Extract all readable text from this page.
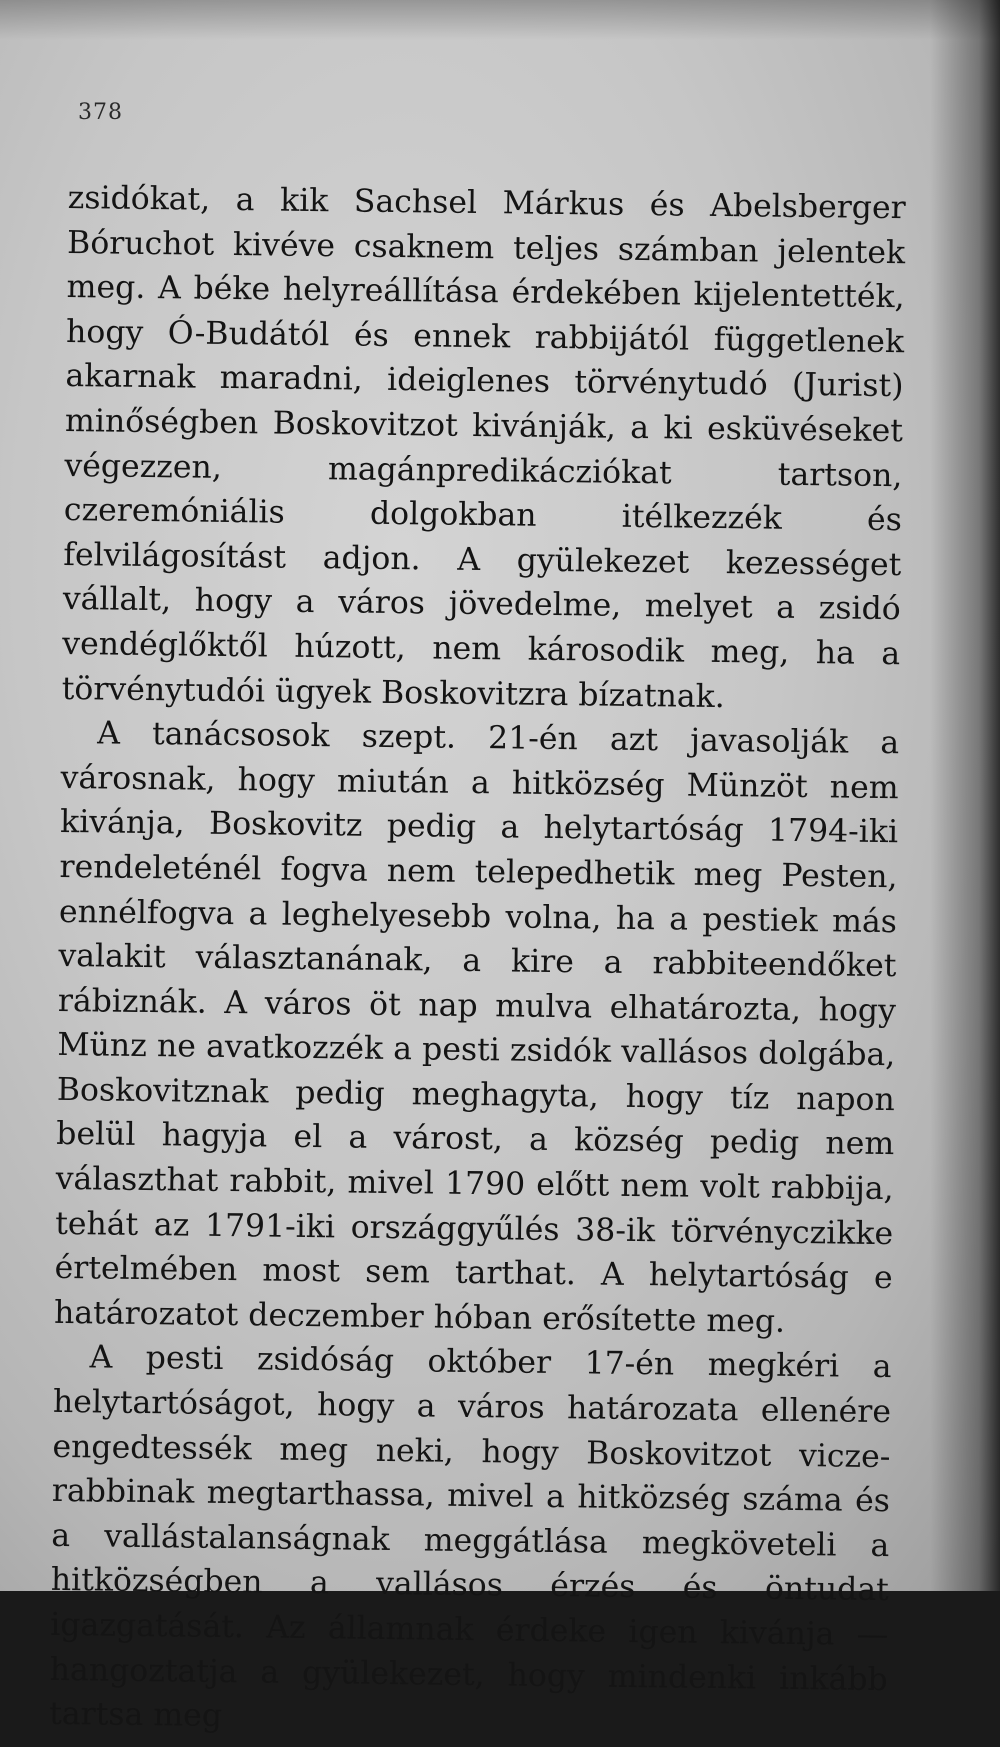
378

zsidókat, a kik Sachsel Márkus és Abelsberger Bóruchot kivéve csaknem teljes számban jelentek meg. A béke helyreállítása érdekében kijelentették, hogy Ó-Budától és ennek rabbijától függetlenek akarnak maradni, ideiglenes törvénytudó (Jurist) minőségben Boskovitzot kivánják, a ki esküvéseket végezzen, magánpredikácziókat tartson, czeremóniális dolgokban itélkezzék és felvilágosítást adjon. A gyülekezet kezességet vállalt, hogy a város jövedelme, melyet a zsidó vendéglőktől húzott, nem károsodik meg, ha a törvénytudói ügyek Boskovitzra bízatnak.

A tanácsosok szept. 21-én azt javasolják a városnak, hogy miután a hitközség Münzöt nem kivánja, Boskovitz pedig a helytartóság 1794-iki rendeleténél fogva nem telepedhetik meg Pesten, ennélfogva a leghelyesebb volna, ha a pestiek más valakit választanának, a kire a rabbiteendőket rábiznák. A város öt nap mulva elhatározta, hogy Münz ne avatkozzék a pesti zsidók vallásos dolgába, Boskovitznak pedig meghagyta, hogy tíz napon belül hagyja el a várost, a község pedig nem választhat rabbit, mivel 1790 előtt nem volt rabbija, tehát az 1791-iki országgyűlés 38-ik törvényczikke értelmében most sem tarthat. A helytartóság e határozatot deczember hóban erősítette meg.

A pesti zsidóság október 17-én megkéri a helytartóságot, hogy a város határozata ellenére engedtessék meg neki, hogy Boskovitzot vicze-rabbinak megtarthassa, mivel a hitközség száma és a vallástalanságnak meggátlása megköveteli a hitközségben a vallásos érzés és öntudat igazgatását. Az államnak érdeke igen kivánja — hangoztatja a gyülekezet, hogy mindenki inkább tartsa meg
